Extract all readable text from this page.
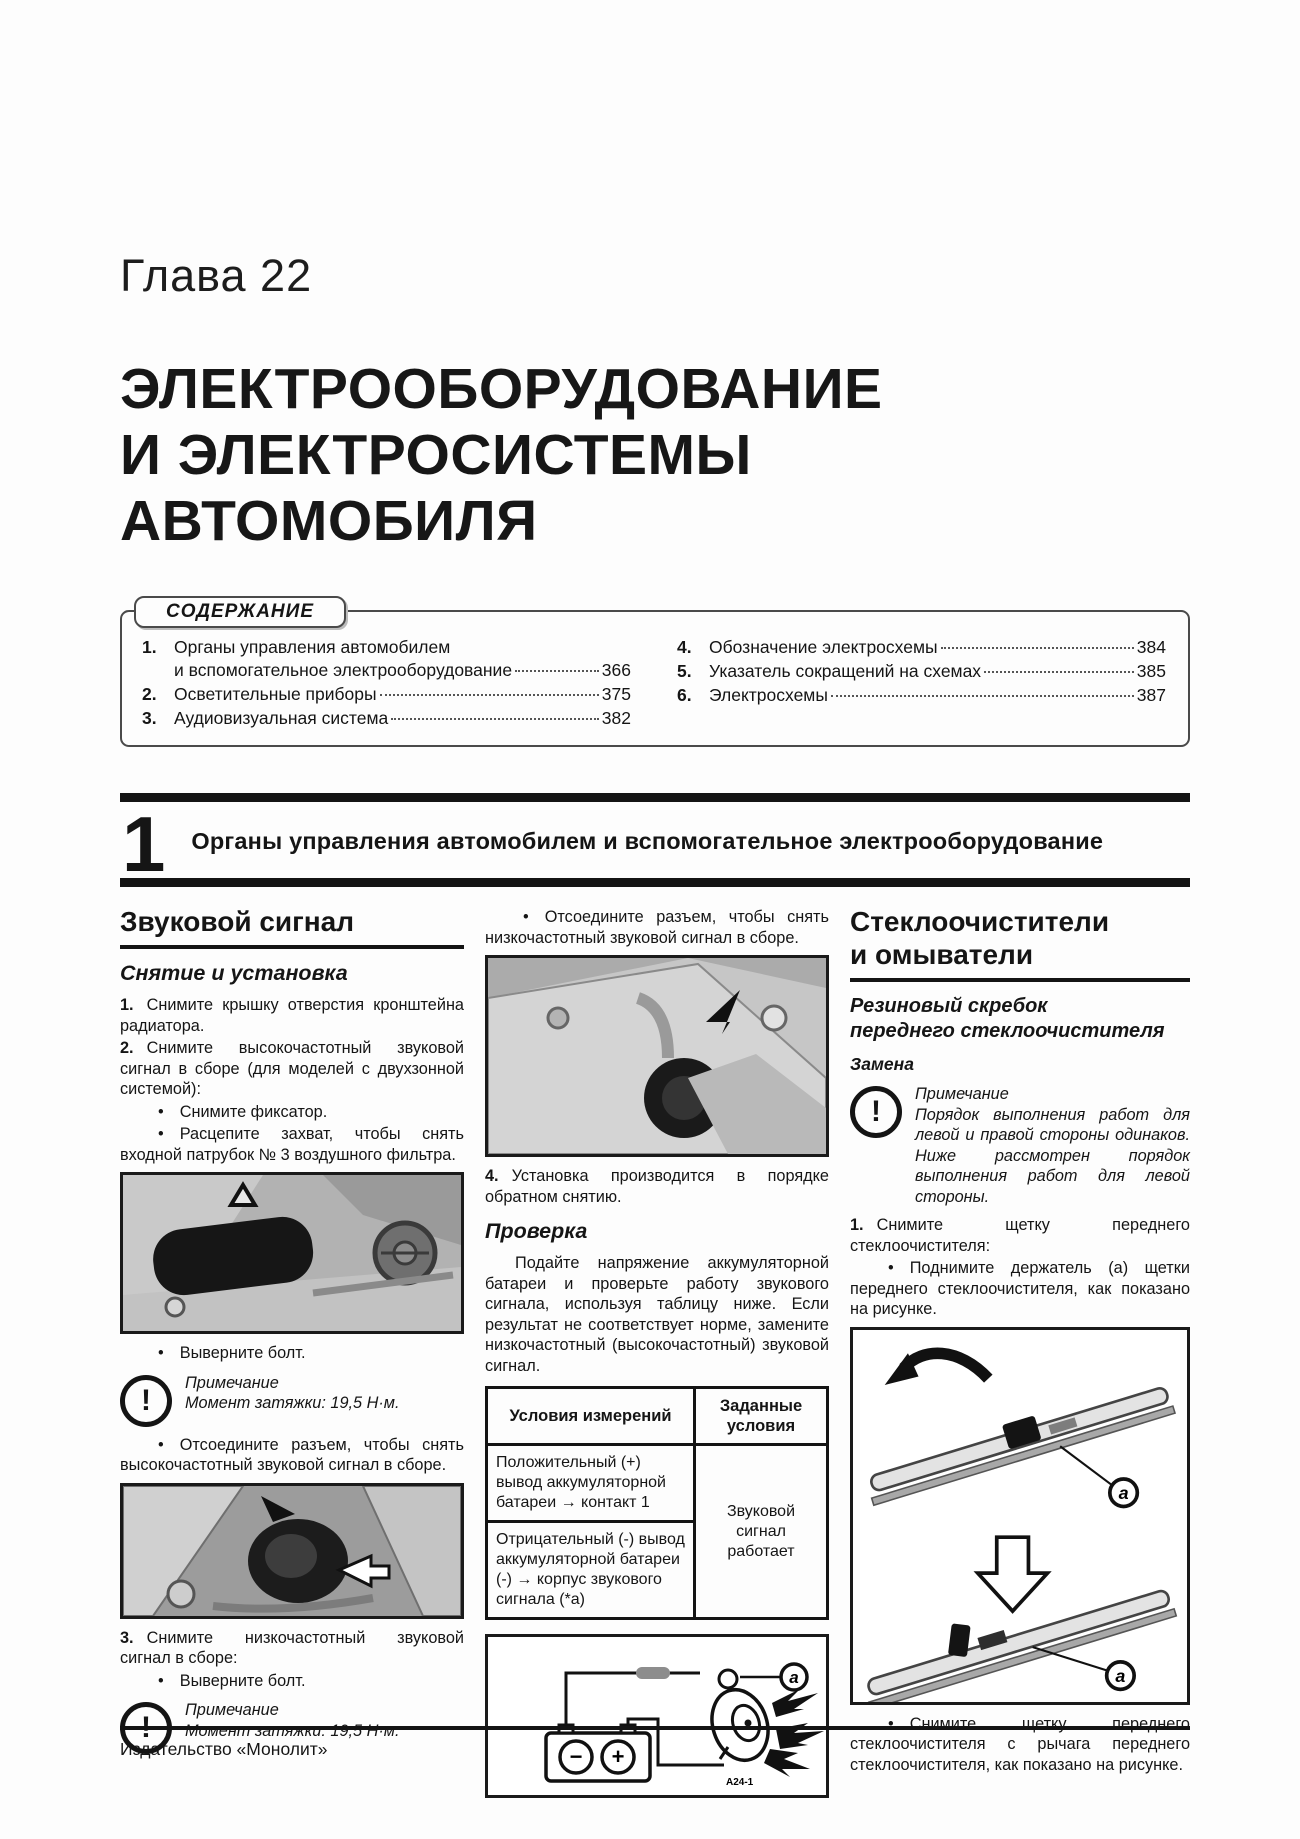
Глава 22
ЭЛЕКТРООБОРУДОВАНИЕ
И ЭЛЕКТРОСИСТЕМЫ
АВТОМОБИЛЯ
СОДЕРЖАНИЕ
1. Органы управления автомобилем
и вспомогательное электрооборудование	366
2. Осветительные приборы	375
3. Аудиовизуальная система	382
4. Обозначение электросхемы	384
5. Указатель сокращений на схемах	385
6. Электросхемы	387
1 Органы управления автомобилем и вспомогательное электрооборудование
Звуковой сигнал
Снятие и установка

1. Снимите крышку отверстия кронштейна радиатора.

2. Снимите высокочастотный звуковой сигнал в сборе (для моделей с двухзонной системой):

• Снимите фиксатор.

• Расцепите захват, чтобы снять входной патрубок № 3 воздушного фильтра.

• Выверните болт.

!
Примечание
Момент затяжки: 19,5 Н·м.

• Отсоедините разъем, чтобы снять высокочастотный звуковой сигнал в сборе.

3. Снимите низкочастотный звуковой сигнал в сборе:

• Выверните болт.

!
Примечание
Момент затяжки: 19,5 Н·м.

• Отсоедините разъем, чтобы снять низкочастотный звуковой сигнал в сборе.

4. Установка производится в порядке обратном снятию.

Проверка

Подайте напряжение аккумуляторной батареи и проверьте работу звукового сигнала, используя таблицу ниже. Если результат не соответствует норме, замените низкочастотный (высокочастотный) звуковой сигнал.

Условия измерений	Заданные условия
Положительный (+) вывод аккумуляторной батареи → контакт 1	Звуковой сигнал работает
Отрицательный (-) вывод аккумуляторной батареи (-) → корпус звукового сигнала (*а)	
− +
a
A24-1
Стеклоочистители
и омыватели
Резиновый скребок
переднего стеклоочистителя
Замена
!
Примечание
Порядок выполнения работ для левой и правой стороны одинаков. Ниже рассмотрен порядок выполнения работ для левой стороны.

1. Снимите щетку переднего стеклоочистителя:

• Поднимите держатель (а) щетки переднего стеклоочистителя, как показано на рисунке.

a
a

• Снимите щетку переднего стеклоочистителя с рычага переднего стеклоочистителя, как показано на рисунке.

Издательство «Монолит»
